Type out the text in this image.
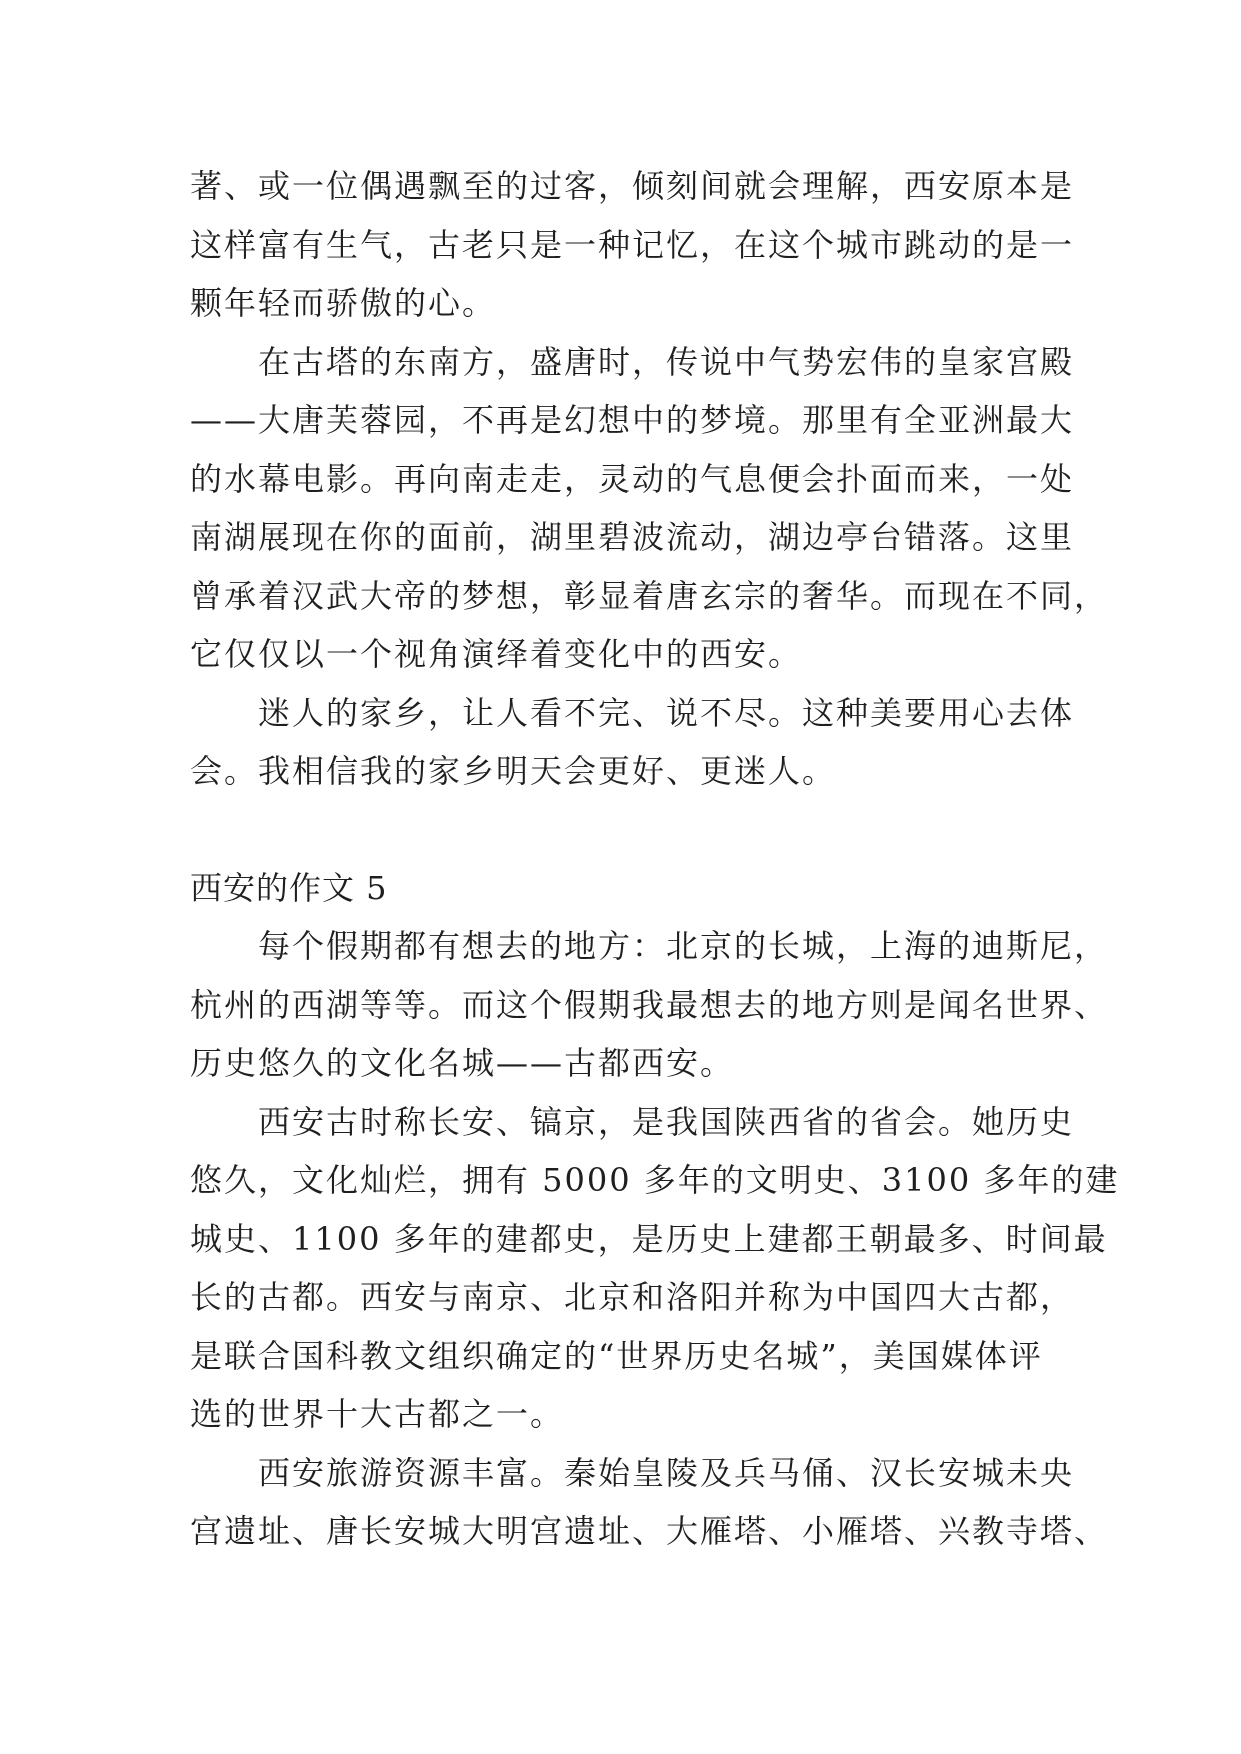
著、或一位偶遇飘至的过客，倾刻间就会理解，西安原本是
这样富有生气，古老只是一种记忆，在这个城市跳动的是一
颗年轻而骄傲的心。

在古塔的东南方，盛唐时，传说中气势宏伟的皇家宫殿
——大唐芙蓉园，不再是幻想中的梦境。那里有全亚洲最大
的水幕电影。再向南走走，灵动的气息便会扑面而来，一处
南湖展现在你的面前，湖里碧波流动，湖边亭台错落。这里
曾承着汉武大帝的梦想，彰显着唐玄宗的奢华。而现在不同，
它仅仅以一个视角演绎着变化中的西安。

迷人的家乡，让人看不完、说不尽。这种美要用心去体
会。我相信我的家乡明天会更好、更迷人。

西安的作文 5

每个假期都有想去的地方：北京的长城，上海的迪斯尼，
杭州的西湖等等。而这个假期我最想去的地方则是闻名世界、
历史悠久的文化名城——古都西安。

西安古时称长安、镐京，是我国陕西省的省会。她历史
悠久，文化灿烂，拥有 5000 多年的文明史、3100 多年的建
城史、1100 多年的建都史，是历史上建都王朝最多、时间最
长的古都。西安与南京、北京和洛阳并称为中国四大古都，
是联合国科教文组织确定的“世界历史名城”，美国媒体评
选的世界十大古都之一。

西安旅游资源丰富。秦始皇陵及兵马俑、汉长安城未央
宫遗址、唐长安城大明宫遗址、大雁塔、小雁塔、兴教寺塔、
